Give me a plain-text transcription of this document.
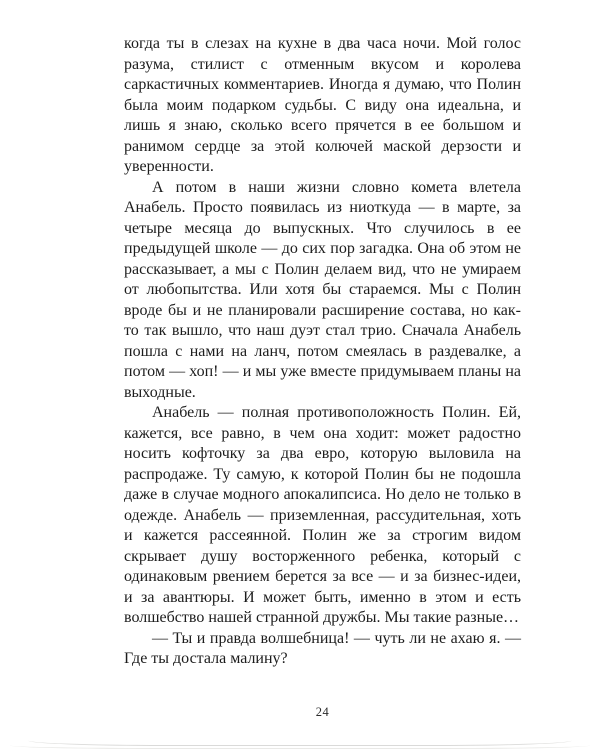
когда ты в слезах на кухне в два часа ночи. Мой голос разума, стилист с отменным вкусом и королева саркастичных комментариев. Иногда я думаю, что Полин была моим подарком судьбы. С виду она идеальна, и лишь я знаю, сколько всего прячется в ее большом и ранимом сердце за этой колючей маской дерзости и уверенности.

А потом в наши жизни словно комета влетела Анабель. Просто появилась из ниоткуда — в марте, за четыре месяца до выпускных. Что случилось в ее предыдущей школе — до сих пор загадка. Она об этом не рассказывает, а мы с Полин делаем вид, что не умираем от любопытства. Или хотя бы стараемся. Мы с Полин вроде бы и не планировали расширение состава, но как-то так вышло, что наш дуэт стал трио. Сначала Анабель пошла с нами на ланч, потом смеялась в раздевалке, а потом — хоп! — и мы уже вместе придумываем планы на выходные.

Анабель — полная противоположность Полин. Ей, кажется, все равно, в чем она ходит: может радостно носить кофточку за два евро, которую выловила на распродаже. Ту самую, к которой Полин бы не подошла даже в случае модного апокалипсиса. Но дело не только в одежде. Анабель — приземленная, рассудительная, хоть и кажется рассеянной. Полин же за строгим видом скрывает душу восторженного ребенка, который с одинаковым рвением берется за все — и за бизнес-идеи, и за авантюры. И может быть, именно в этом и есть волшебство нашей странной дружбы. Мы такие разные…

— Ты и правда волшебница! — чуть ли не ахаю я. — Где ты достала малину?

24
